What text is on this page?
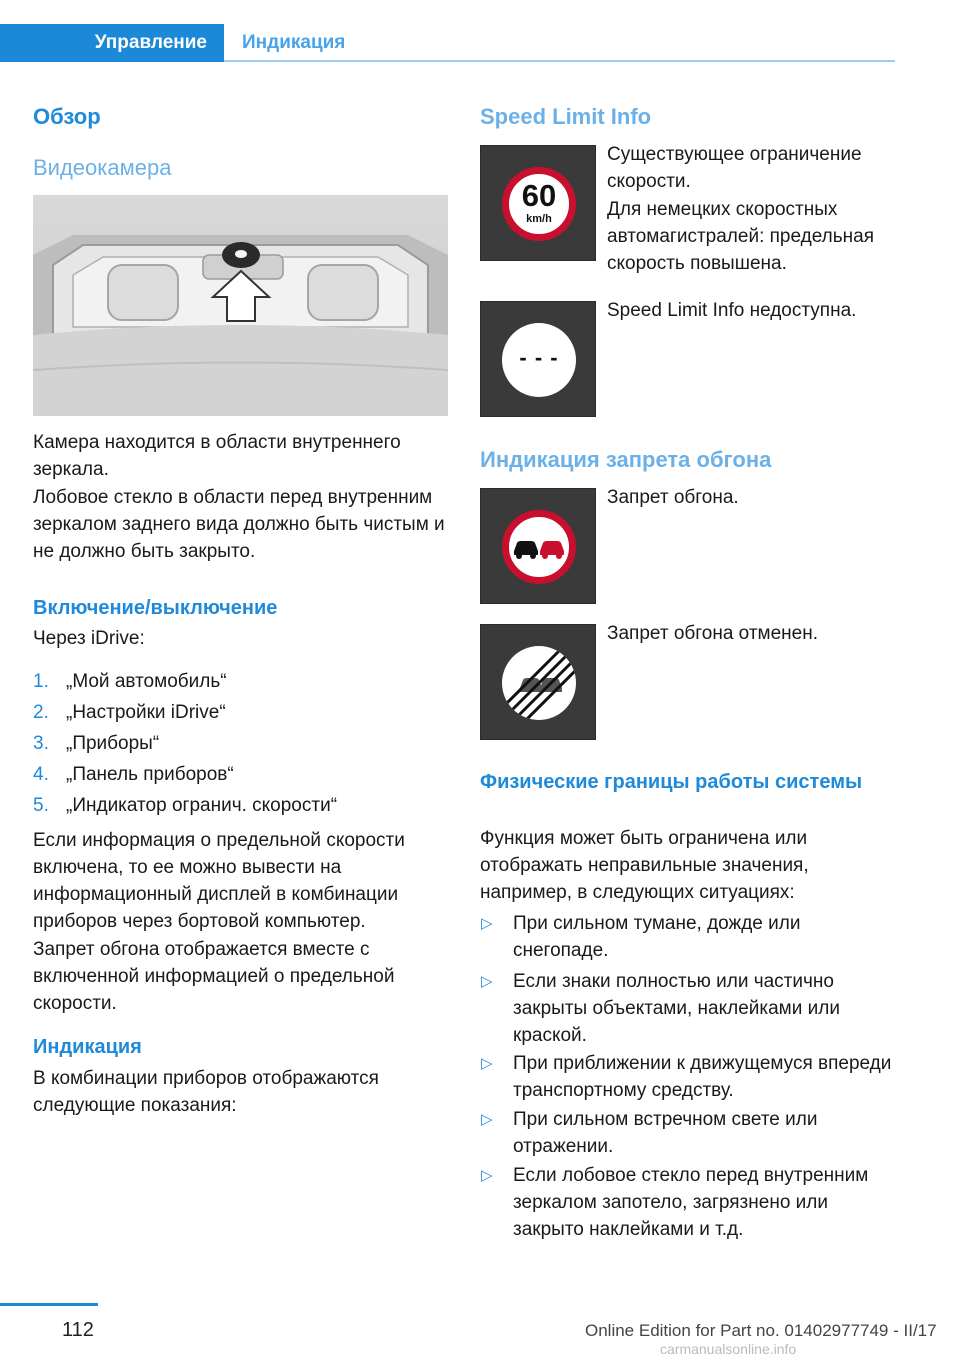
Управление	Индикация
Обзор
Видеокамера
Камера находится в области внутреннего зеркала.
Лобовое стекло в области перед внутренним зеркалом заднего вида должно быть чистым и не должно быть закрыто.
Включение/выключение
Через iDrive:
1. „Мой автомобиль“
2. „Настройки iDrive“
3. „Приборы“
4. „Панель приборов“
5. „Индикатор огранич. скорости“
Если информация о предельной скорости включена, то ее можно вывести на информационный дисплей в комбинации приборов через бортовой компьютер.
Запрет обгона отображается вместе с включенной информацией о предельной скорости.
Индикация
В комбинации приборов отображаются следующие показания:
Speed Limit Info
60
km/h
Существующее ограничение скорости.
Для немецких скоростных автомагистралей: предельная скорость повышена.
- - -
Speed Limit Info недоступна.
Индикация запрета обгона
Запрет обгона.
Запрет обгона отменен.
Физические границы работы системы
Функция может быть ограничена или отображать неправильные значения, например, в следующих ситуациях:
▷ При сильном тумане, дожде или снегопаде.
▷ Если знаки полностью или частично закрыты объектами, наклейками или краской.
▷ При приближении к движущемуся впереди транспортному средству.
▷ При сильном встречном свете или отражении.
▷ Если лобовое стекло перед внутренним зеркалом запотело, загрязнено или закрыто наклейками и т.д.
112	Online Edition for Part no. 01402977749 - II/17
carmanualsonline.info
